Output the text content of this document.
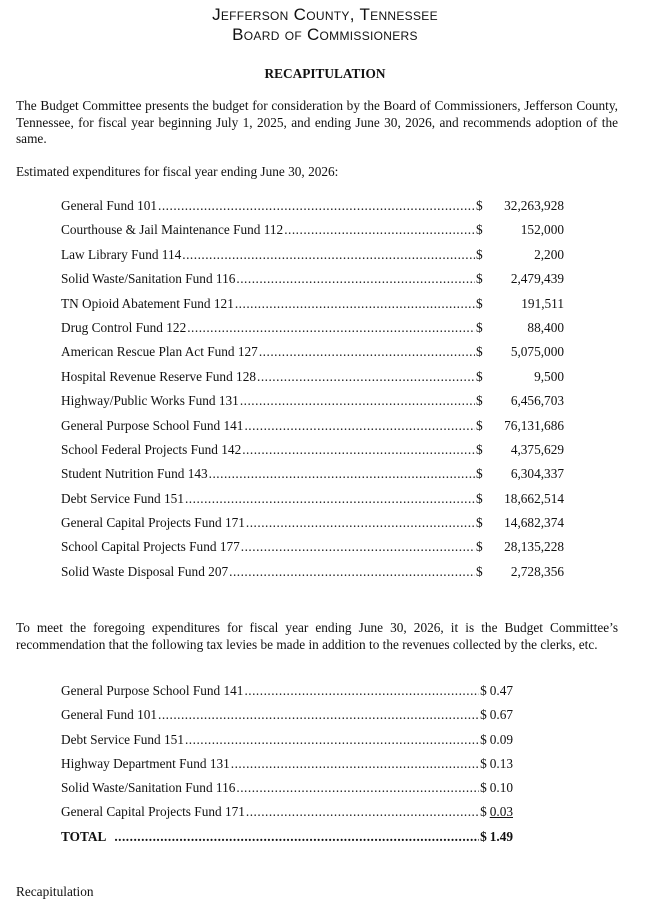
Jefferson County, Tennessee
Board of Commissioners
RECAPITULATION
The Budget Committee presents the budget for consideration by the Board of Commissioners, Jefferson County, Tennessee, for fiscal year beginning July 1, 2025, and ending June 30, 2026, and recommends adoption of the same.
Estimated expenditures for fiscal year ending June 30, 2026:
General Fund 101 .....	$	32,263,928
Courthouse & Jail Maintenance Fund 112 .....	$	152,000
Law Library Fund 114 .....	$	2,200
Solid Waste/Sanitation Fund 116 .....	$	2,479,439
TN Opioid Abatement Fund 121 .....	$	191,511
Drug Control Fund 122 .....	$	88,400
American Rescue Plan Act Fund 127 .....	$	5,075,000
Hospital Revenue Reserve Fund 128 .....	$	9,500
Highway/Public Works Fund 131 .....	$	6,456,703
General Purpose School Fund 141 .....	$	76,131,686
School Federal Projects Fund 142 .....	$	4,375,629
Student Nutrition Fund 143 .....	$	6,304,337
Debt Service Fund 151 .....	$	18,662,514
General Capital Projects Fund 171 .....	$	14,682,374
School Capital Projects Fund 177 .....	$	28,135,228
Solid Waste Disposal Fund 207 .....	$	2,728,356
To meet the foregoing expenditures for fiscal year ending June 30, 2026, it is the Budget Committee’s recommendation that the following tax levies be made in addition to the revenues collected by the clerks, etc.
General Purpose School Fund 141 .....	$ 0.47
General Fund 101 .....	$ 0.67
Debt Service Fund 151 .....	$ 0.09
Highway Department Fund 131 .....	$ 0.13
Solid Waste/Sanitation Fund 116 .....	$ 0.10
General Capital Projects Fund 171 .....	$ 0.03
TOTAL .....	$ 1.49
Recapitulation
